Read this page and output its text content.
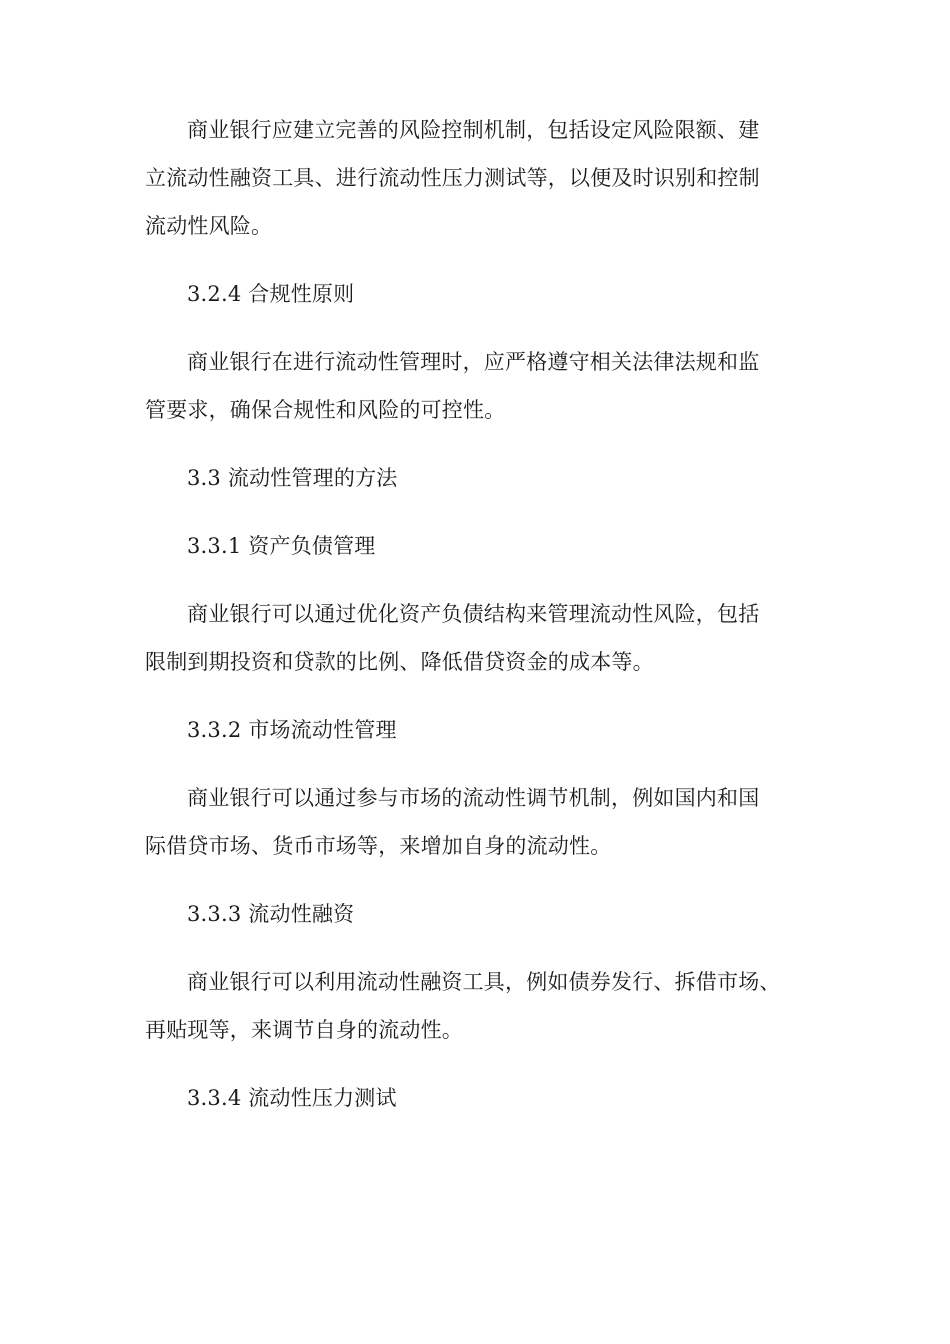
商业银行应建立完善的风险控制机制，包括设定风险限额、建
立流动性融资工具、进行流动性压力测试等，以便及时识别和控制
流动性风险。
3.2.4 合规性原则
商业银行在进行流动性管理时，应严格遵守相关法律法规和监
管要求，确保合规性和风险的可控性。
3.3 流动性管理的方法
3.3.1 资产负债管理
商业银行可以通过优化资产负债结构来管理流动性风险，包括
限制到期投资和贷款的比例、降低借贷资金的成本等。
3.3.2 市场流动性管理
商业银行可以通过参与市场的流动性调节机制，例如国内和国
际借贷市场、货币市场等，来增加自身的流动性。
3.3.3 流动性融资
商业银行可以利用流动性融资工具，例如债券发行、拆借市场、
再贴现等，来调节自身的流动性。
3.3.4 流动性压力测试
